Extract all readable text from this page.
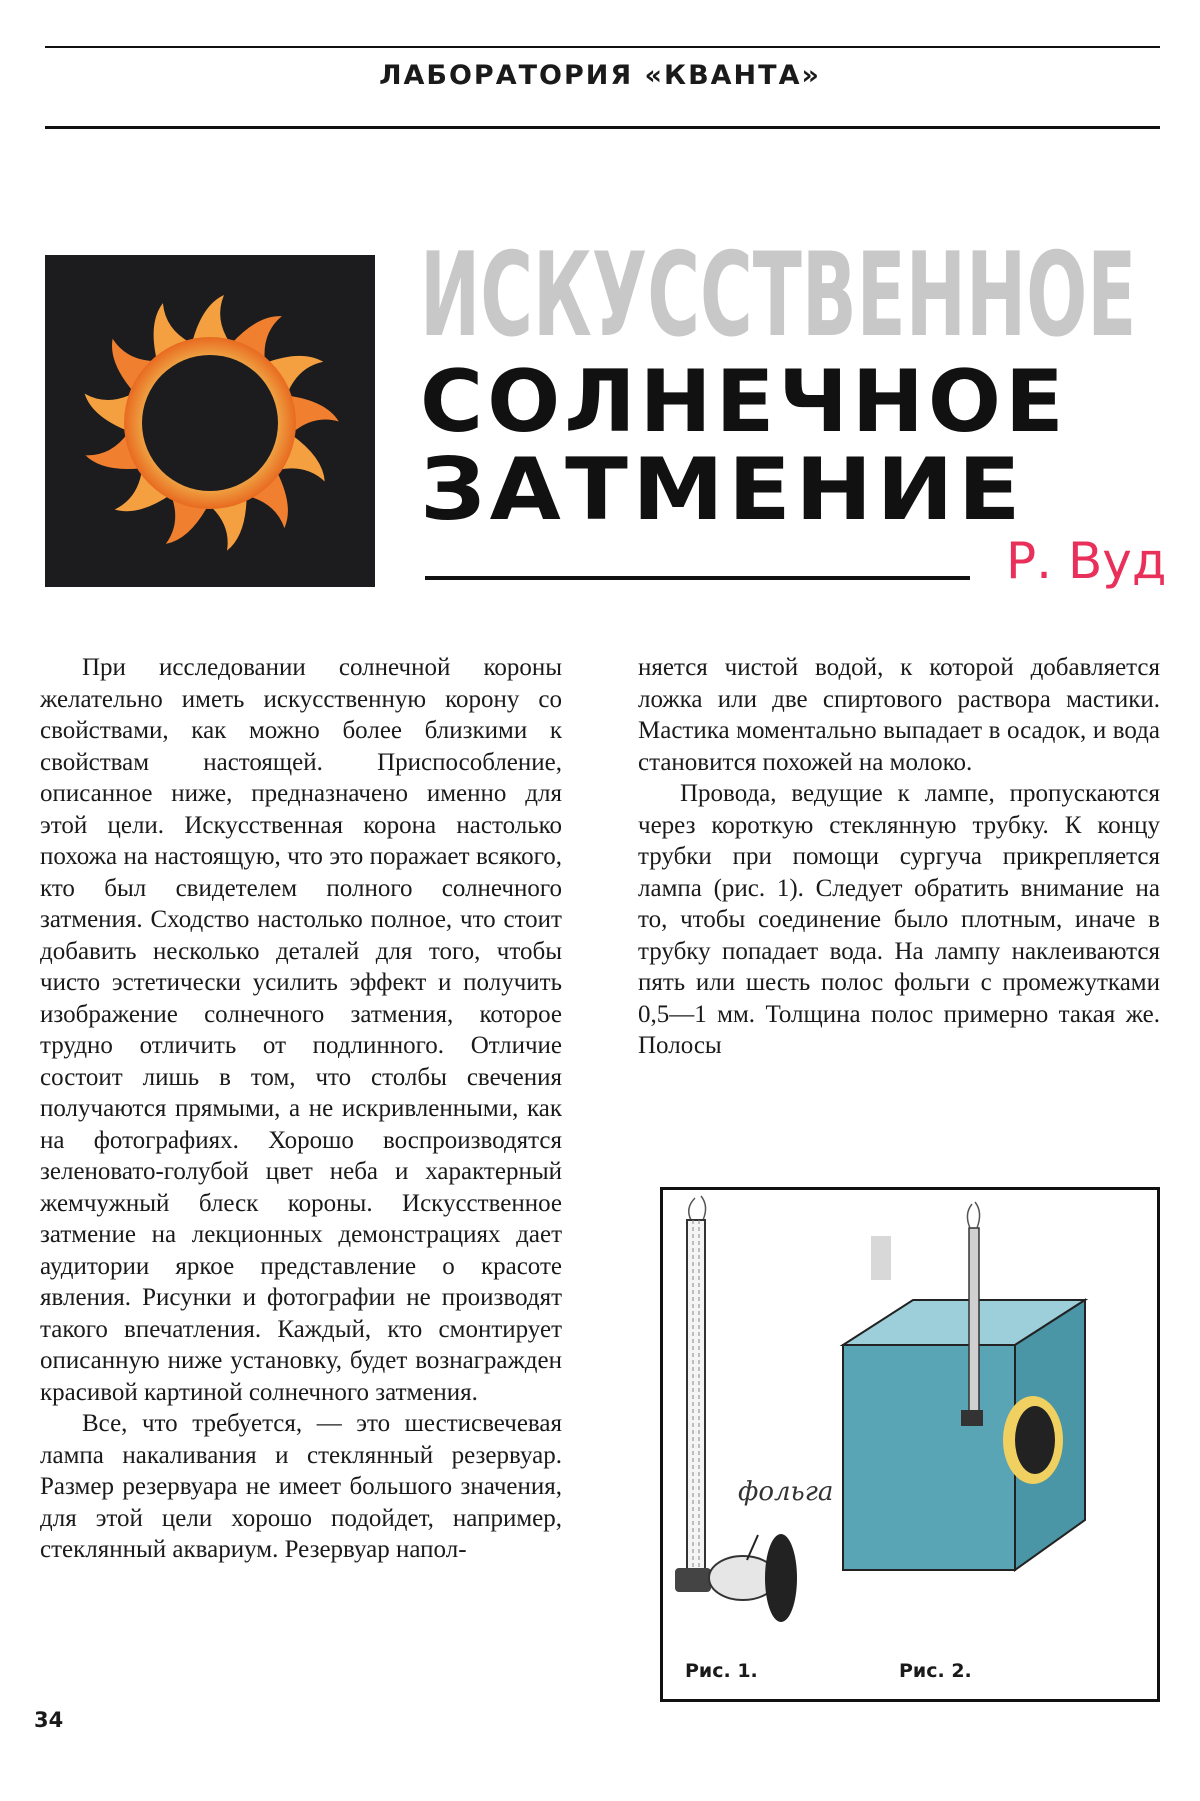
ЛАБОРАТОРИЯ «КВАНТА»
ИСКУССТВЕННОЕ
СОЛНЕЧНОЕ
ЗАТМЕНИЕ
Р. Вуд

При исследовании солнечной короны желательно иметь искусственную корону со свойствами, как можно более близкими к свойствам настоящей. Приспособление, описанное ниже, предназначено именно для этой цели. Искусственная корона настолько похожа на настоящую, что это поражает всякого, кто был свидетелем полного солнечного затмения. Сходство настолько полное, что стоит добавить несколько деталей для того, чтобы чисто эстетически усилить эффект и получить изображение солнечного затмения, которое трудно отличить от подлинного. Отличие состоит лишь в том, что столбы свечения получаются прямыми, а не искривленными, как на фотографиях. Хорошо воспроизводятся зеленовато-голубой цвет неба и характерный жемчужный блеск короны. Искусственное затмение на лекционных демонстрациях дает аудитории яркое представление о красоте явления. Рисунки и фотографии не производят такого впечатления. Каждый, кто смонтирует описанную ниже установку, будет вознагражден красивой картиной солнечного затмения.

Все, что требуется, — это шестисвечевая лампа накаливания и стеклянный резервуар. Размер резервуара не имеет большого значения, для этой цели хорошо подойдет, например, стеклянный аквариум. Резервуар напол-

няется чистой водой, к которой добавляется ложка или две спиртового раствора мастики. Мастика моментально выпадает в осадок, и вода становится похожей на молоко.

Провода, ведущие к лампе, пропускаются через короткую стеклянную трубку. К концу трубки при помощи сургуча прикрепляется лампа (рис. 1). Следует обратить внимание на то, чтобы соединение было плотным, иначе в трубку попадает вода. На лампу наклеиваются пять или шесть полос фольги с промежутками 0,5—1 мм. Толщина полос примерно такая же. Полосы

фольга
Рис. 1.	Рис. 2.
34
